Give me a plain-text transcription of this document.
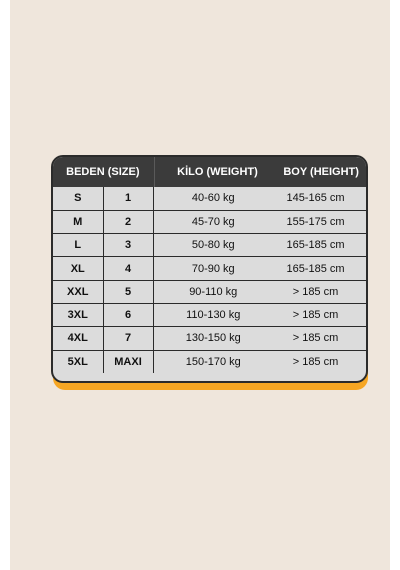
BEDEN (SIZE)	KİLO (WEIGHT)	BOY (HEIGHT)
S	1	40-60 kg	145-165 cm
M	2	45-70 kg	155-175 cm
L	3	50-80 kg	165-185 cm
XL	4	70-90 kg	165-185 cm
XXL	5	90-110 kg	> 185 cm
3XL	6	110-130 kg	> 185 cm
4XL	7	130-150 kg	> 185 cm
5XL	MAXI	150-170 kg	> 185 cm
